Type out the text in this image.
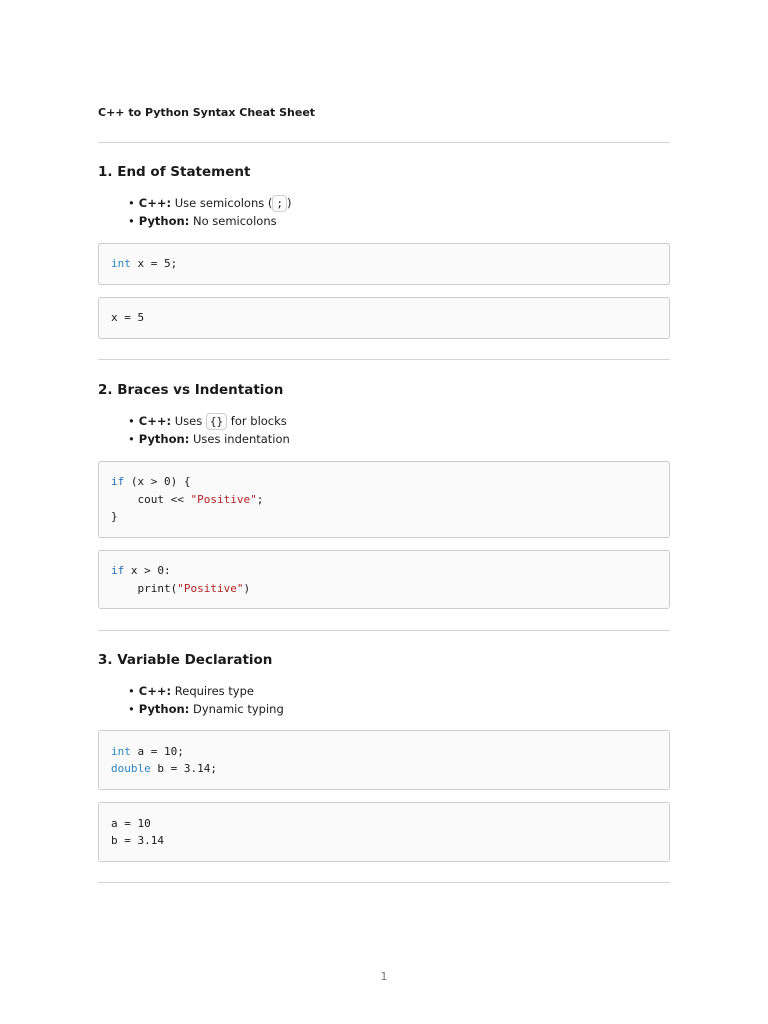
C++ to Python Syntax Cheat Sheet
1. End of Statement
• C++: Use semicolons ( ; )
• Python: No semicolons
int x = 5;
x = 5
2. Braces vs Indentation
• C++: Uses {} for blocks
• Python: Uses indentation
if (x > 0) {
cout << "Positive";
}
if x > 0:
print("Positive")
3. Variable Declaration
• C++: Requires type
• Python: Dynamic typing
int a = 10;
double b = 3.14;
a = 10
b = 3.14
1
